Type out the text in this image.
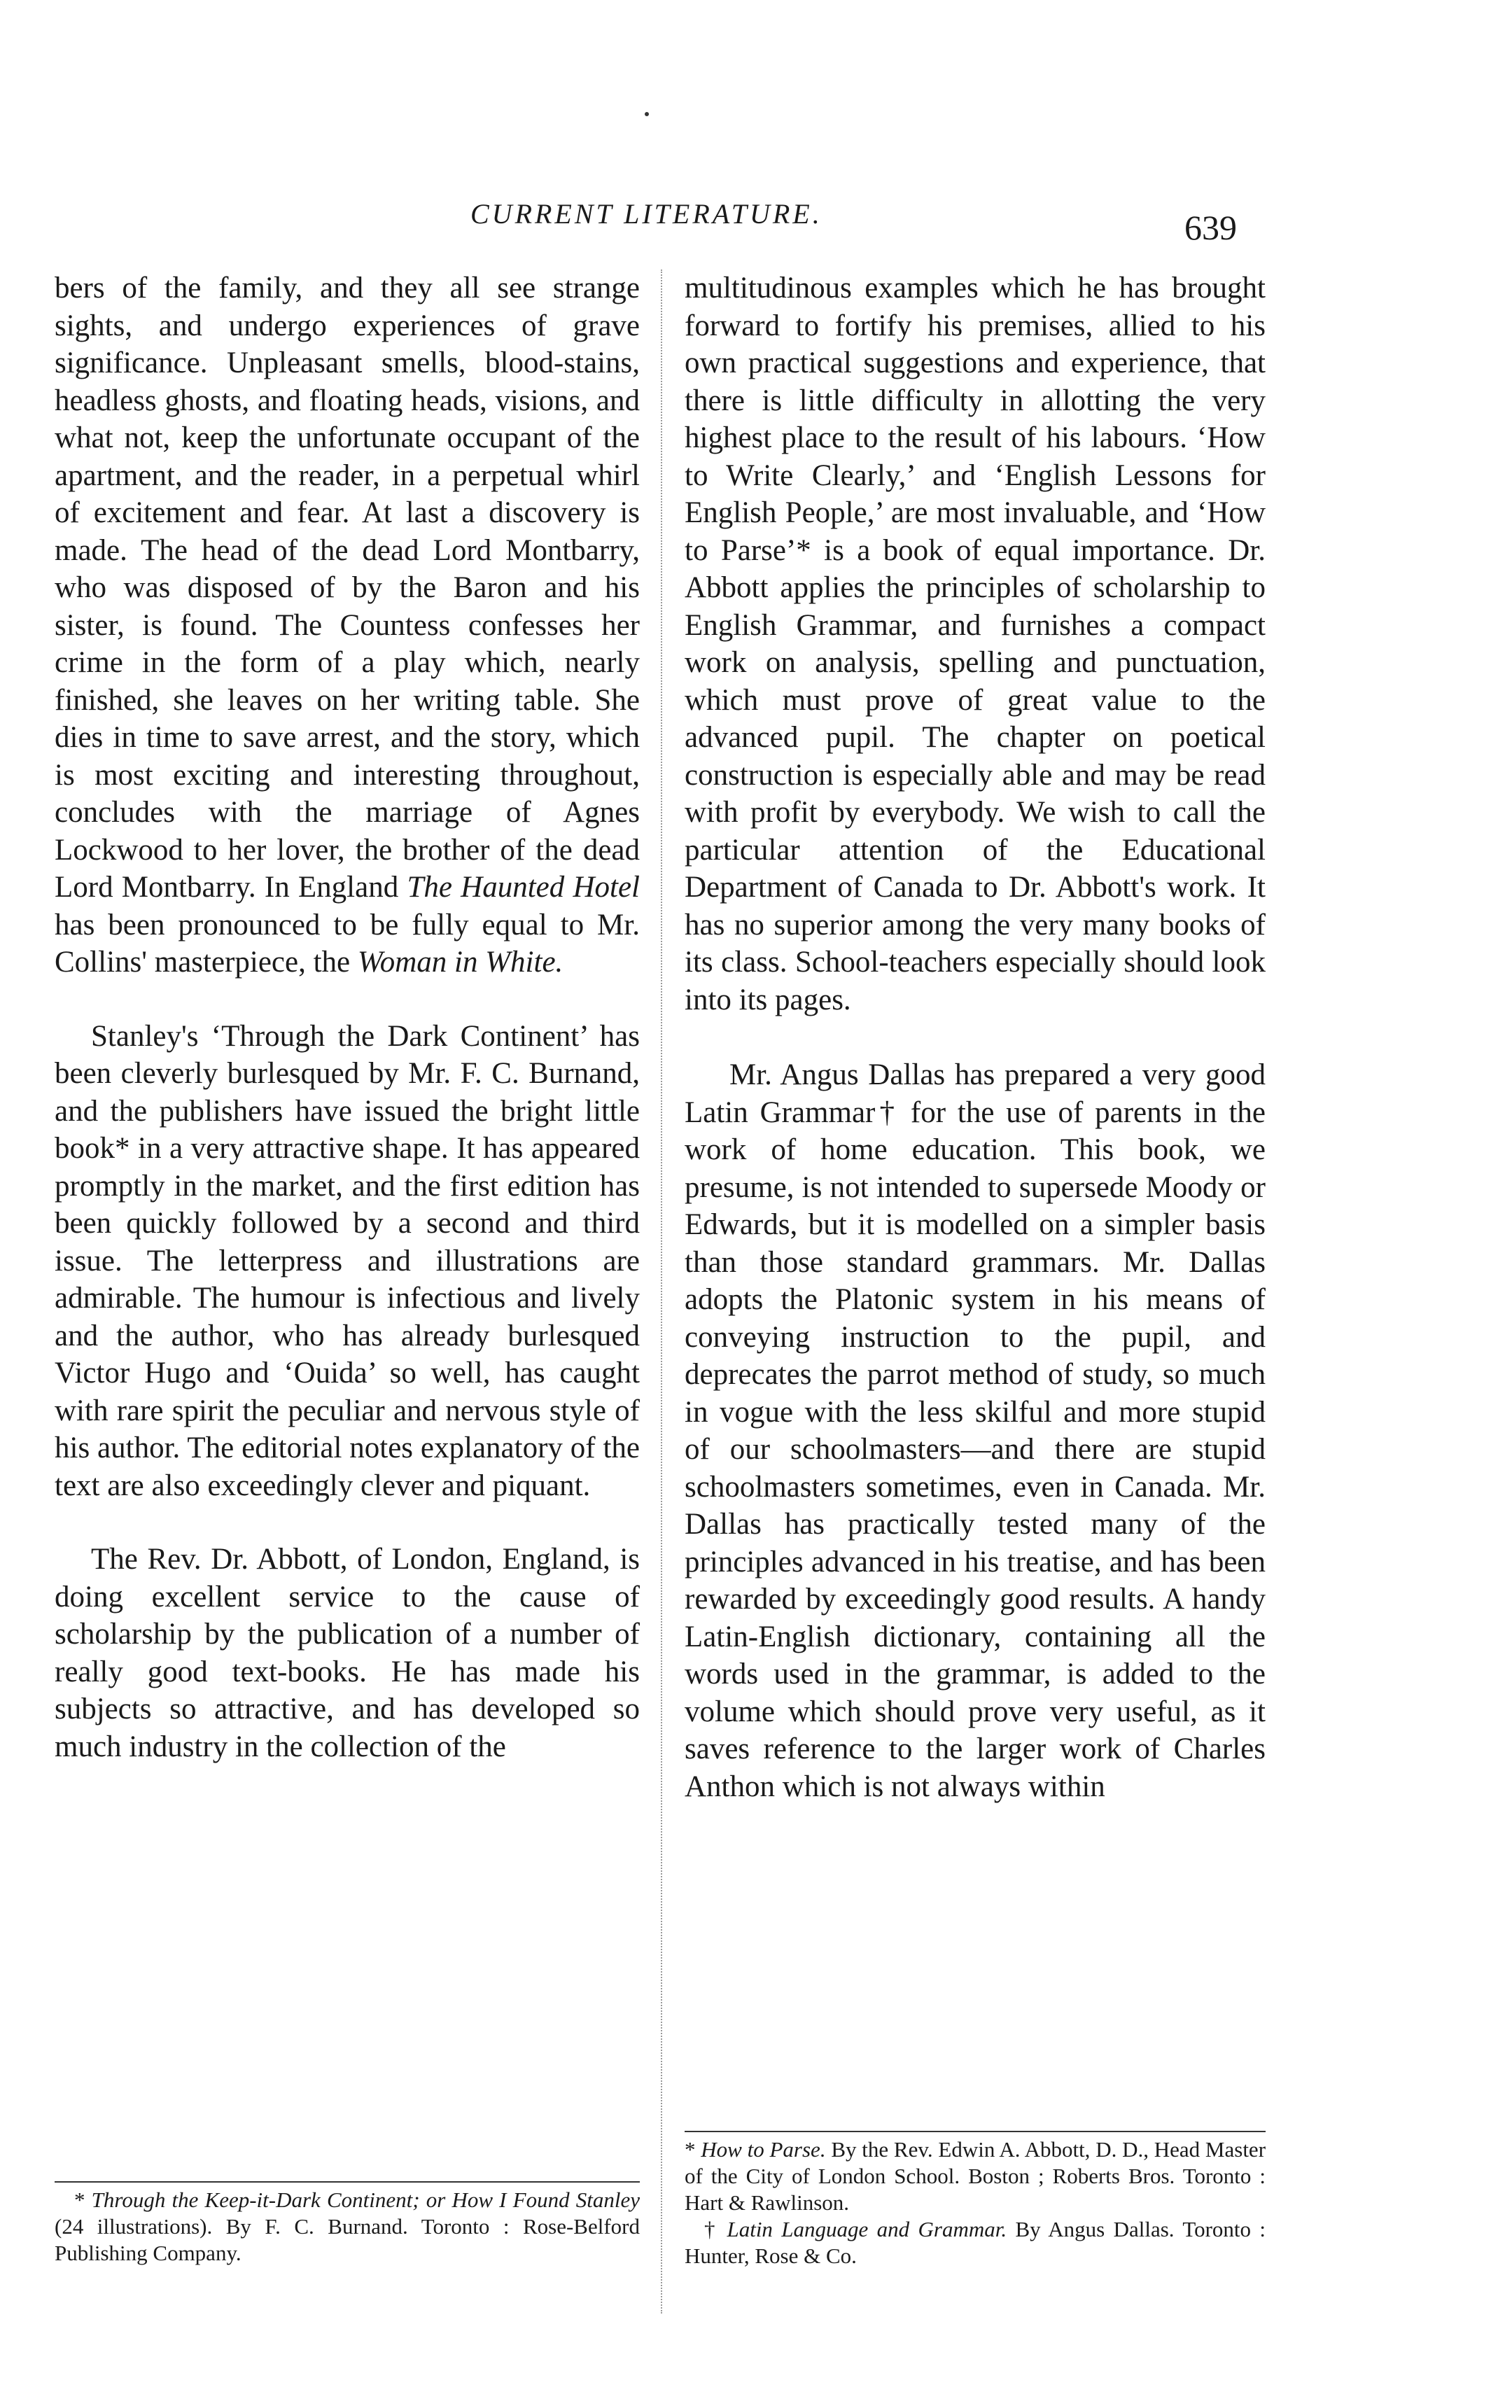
CURRENT LITERATURE.	639

bers of the family, and they all see strange sights, and undergo experiences of grave significance. Unpleasant smells, blood-stains, headless ghosts, and floating heads, visions, and what not, keep the unfortunate occupant of the apartment, and the reader, in a perpetual whirl of excitement and fear. At last a discovery is made. The head of the dead Lord Montbarry, who was disposed of by the Baron and his sister, is found. The Countess confesses her crime in the form of a play which, nearly finished, she leaves on her writing table. She dies in time to save arrest, and the story, which is most exciting and interesting throughout, concludes with the marriage of Agnes Lockwood to her lover, the brother of the dead Lord Montbarry. In England The Haunted Hotel has been pronounced to be fully equal to Mr. Collins' masterpiece, the Woman in White.

Stanley's ‘Through the Dark Continent’ has been cleverly burlesqued by Mr. F. C. Burnand, and the publishers have issued the bright little book* in a very attractive shape. It has appeared promptly in the market, and the first edition has been quickly followed by a second and third issue. The letterpress and illustrations are admirable. The humour is infectious and lively and the author, who has already burlesqued Victor Hugo and ‘Ouida’ so well, has caught with rare spirit the peculiar and nervous style of his author. The editorial notes explanatory of the text are also exceedingly clever and piquant.

The Rev. Dr. Abbott, of London, England, is doing excellent service to the cause of scholarship by the publication of a number of really good text-books. He has made his subjects so attractive, and has developed so much industry in the collection of the

multitudinous examples which he has brought forward to fortify his premises, allied to his own practical suggestions and experience, that there is little difficulty in allotting the very highest place to the result of his labours. ‘How to Write Clearly,’ and ‘English Lessons for English People,’ are most invaluable, and ‘How to Parse’* is a book of equal importance. Dr. Abbott applies the principles of scholarship to English Grammar, and furnishes a compact work on analysis, spelling and punctuation, which must prove of great value to the advanced pupil. The chapter on poetical construction is especially able and may be read with profit by everybody. We wish to call the particular attention of the Educational Department of Canada to Dr. Abbott's work. It has no superior among the very many books of its class. School-teachers especially should look into its pages.

Mr. Angus Dallas has prepared a very good Latin Grammar† for the use of parents in the work of home education. This book, we presume, is not intended to supersede Moody or Edwards, but it is modelled on a simpler basis than those standard grammars. Mr. Dallas adopts the Platonic system in his means of conveying instruction to the pupil, and deprecates the parrot method of study, so much in vogue with the less skilful and more stupid of our schoolmasters—and there are stupid schoolmasters sometimes, even in Canada. Mr. Dallas has practically tested many of the principles advanced in his treatise, and has been rewarded by exceedingly good results. A handy Latin-English dictionary, containing all the words used in the grammar, is added to the volume which should prove very useful, as it saves reference to the larger work of Charles Anthon which is not always within

* Through the Keep-it-Dark Continent; or How I Found Stanley (24 illustrations). By F. C. Burnand. Toronto : Rose-Belford Publishing Company.

* How to Parse. By the Rev. Edwin A. Abbott, D. D., Head Master of the City of London School. Boston ; Roberts Bros. Toronto : Hart & Rawlinson.

† Latin Language and Grammar. By Angus Dallas. Toronto : Hunter, Rose & Co.
